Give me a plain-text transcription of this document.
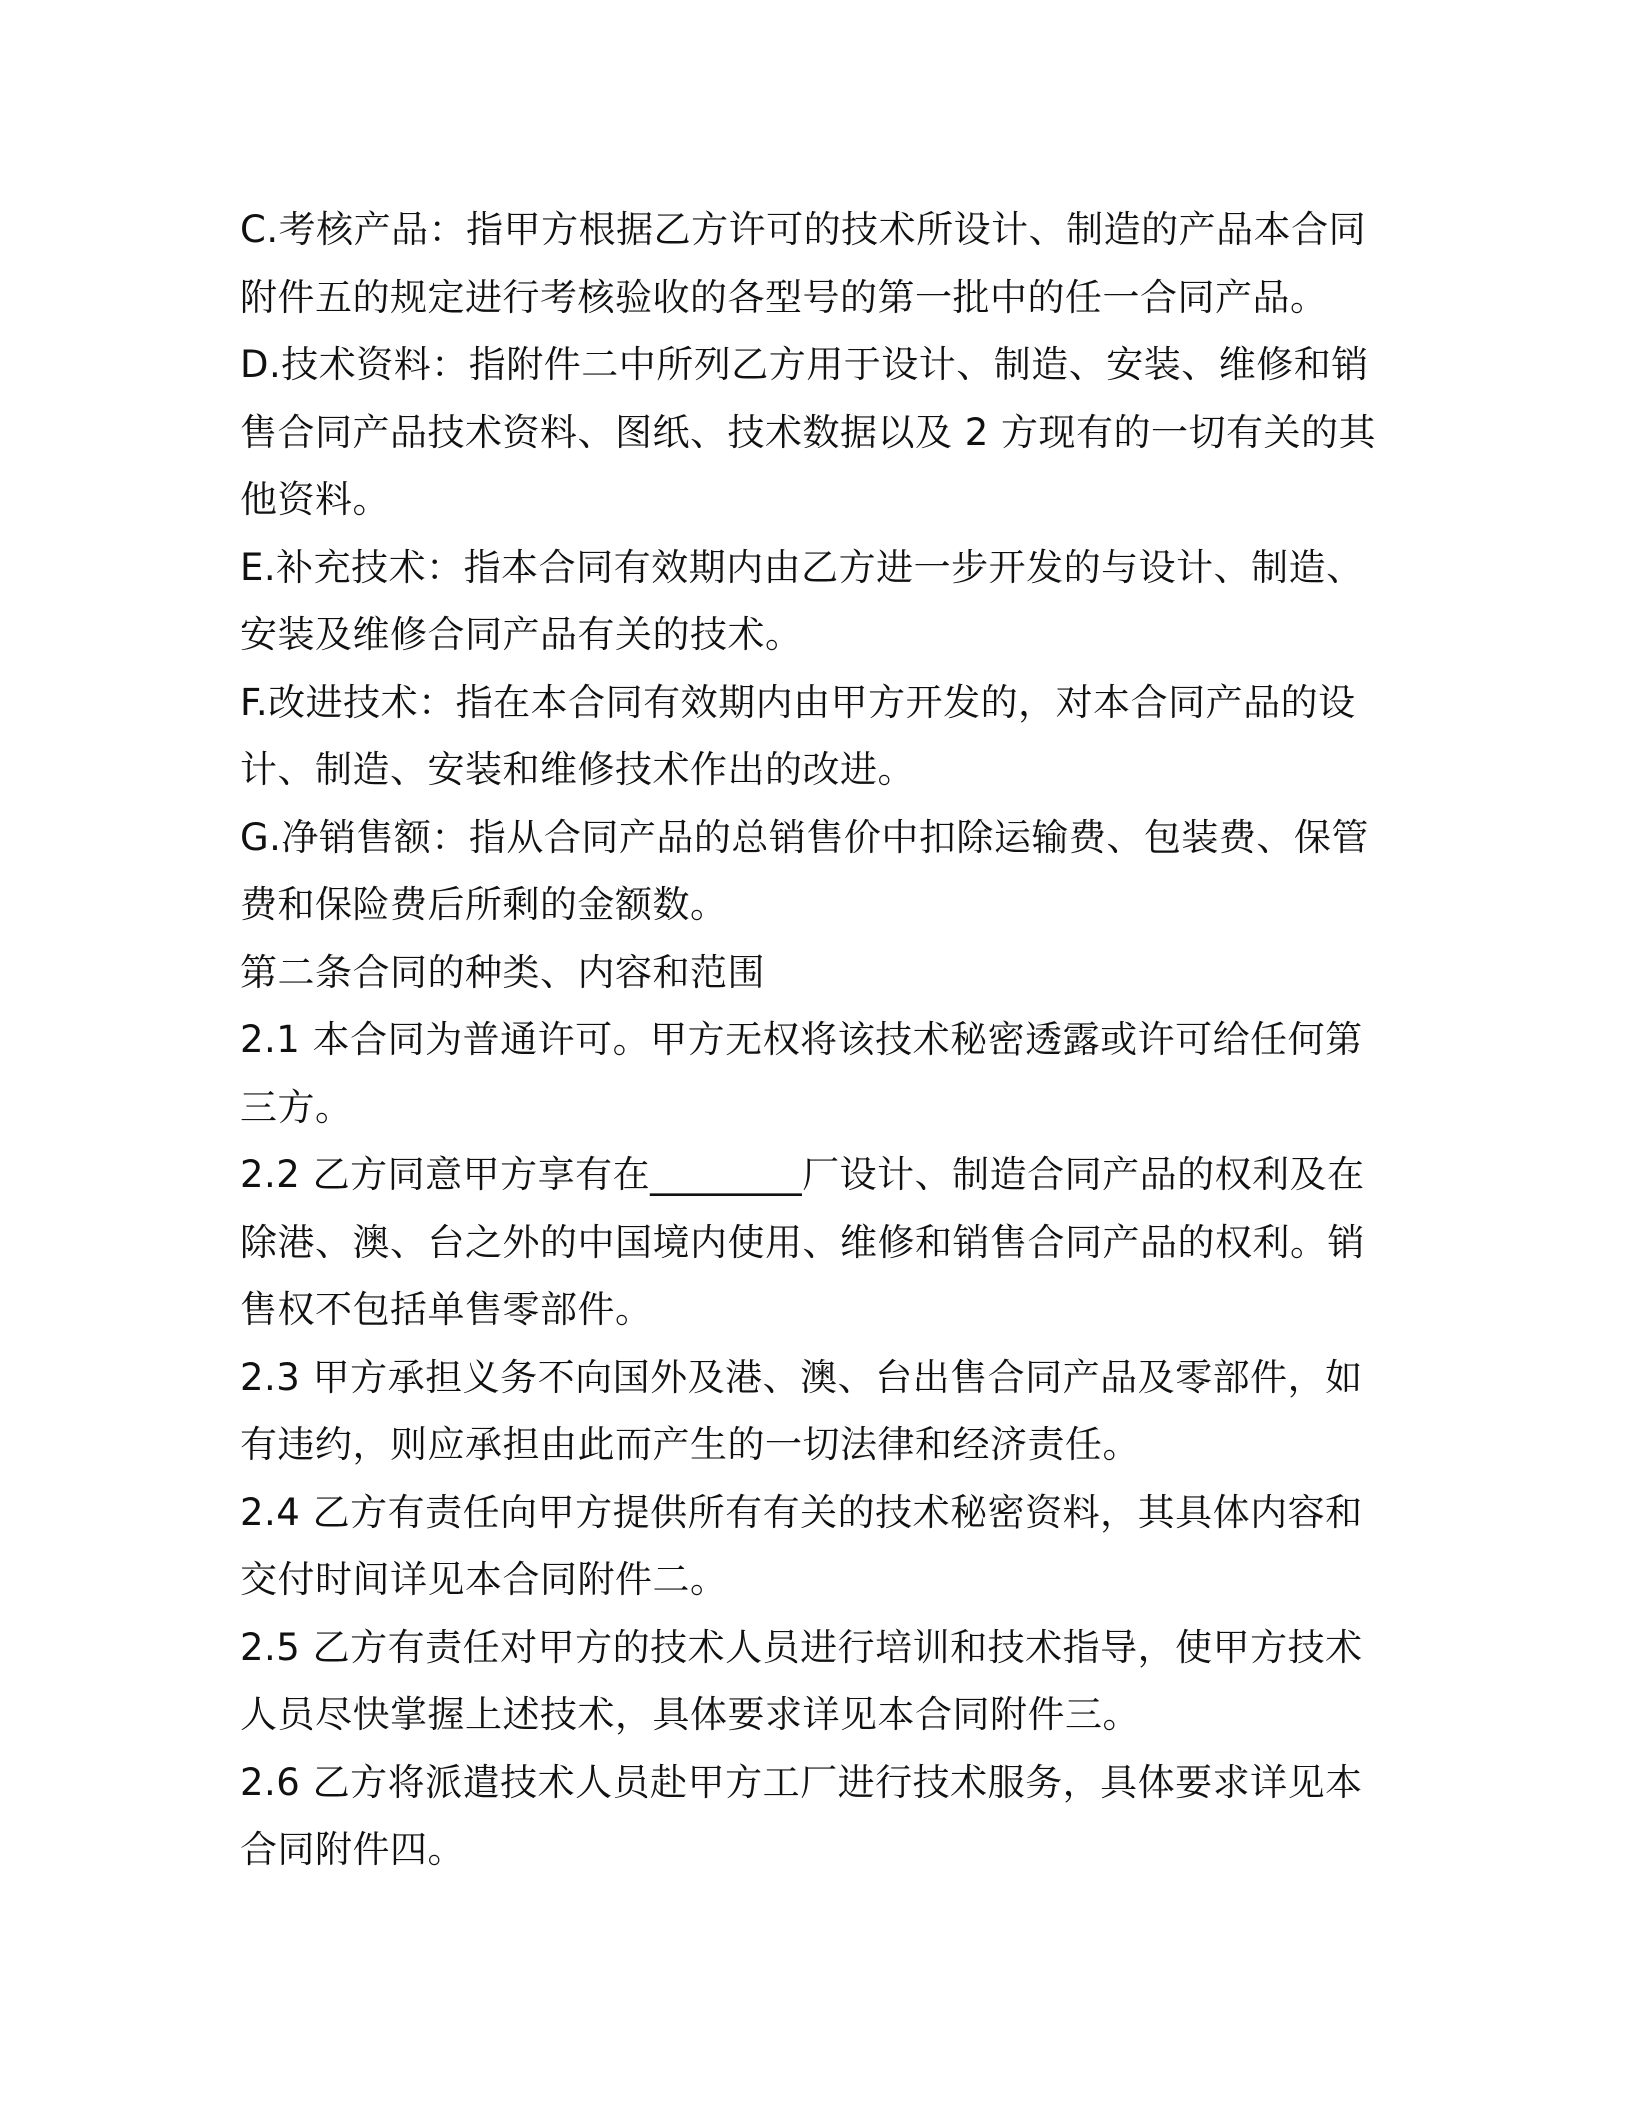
C.考核产品：指甲方根据乙方许可的技术所设计、制造的产品本合同附件五的规定进行考核验收的各型号的第一批中的任一合同产品。

D.技术资料：指附件二中所列乙方用于设计、制造、安装、维修和销售合同产品技术资料、图纸、技术数据以及 2 方现有的一切有关的其他资料。

E.补充技术：指本合同有效期内由乙方进一步开发的与设计、制造、安装及维修合同产品有关的技术。

F.改进技术：指在本合同有效期内由甲方开发的，对本合同产品的设计、制造、安装和维修技术作出的改进。

G.净销售额：指从合同产品的总销售价中扣除运输费、包装费、保管费和保险费后所剩的金额数。

第二条合同的种类、内容和范围

2.1 本合同为普通许可。甲方无权将该技术秘密透露或许可给任何第三方。

2.2 乙方同意甲方享有在________厂设计、制造合同产品的权利及在除港、澳、台之外的中国境内使用、维修和销售合同产品的权利。销售权不包括单售零部件。

2.3 甲方承担义务不向国外及港、澳、台出售合同产品及零部件，如有违约，则应承担由此而产生的一切法律和经济责任。

2.4 乙方有责任向甲方提供所有有关的技术秘密资料，其具体内容和交付时间详见本合同附件二。

2.5 乙方有责任对甲方的技术人员进行培训和技术指导，使甲方技术人员尽快掌握上述技术，具体要求详见本合同附件三。

2.6 乙方将派遣技术人员赴甲方工厂进行技术服务，具体要求详见本合同附件四。
